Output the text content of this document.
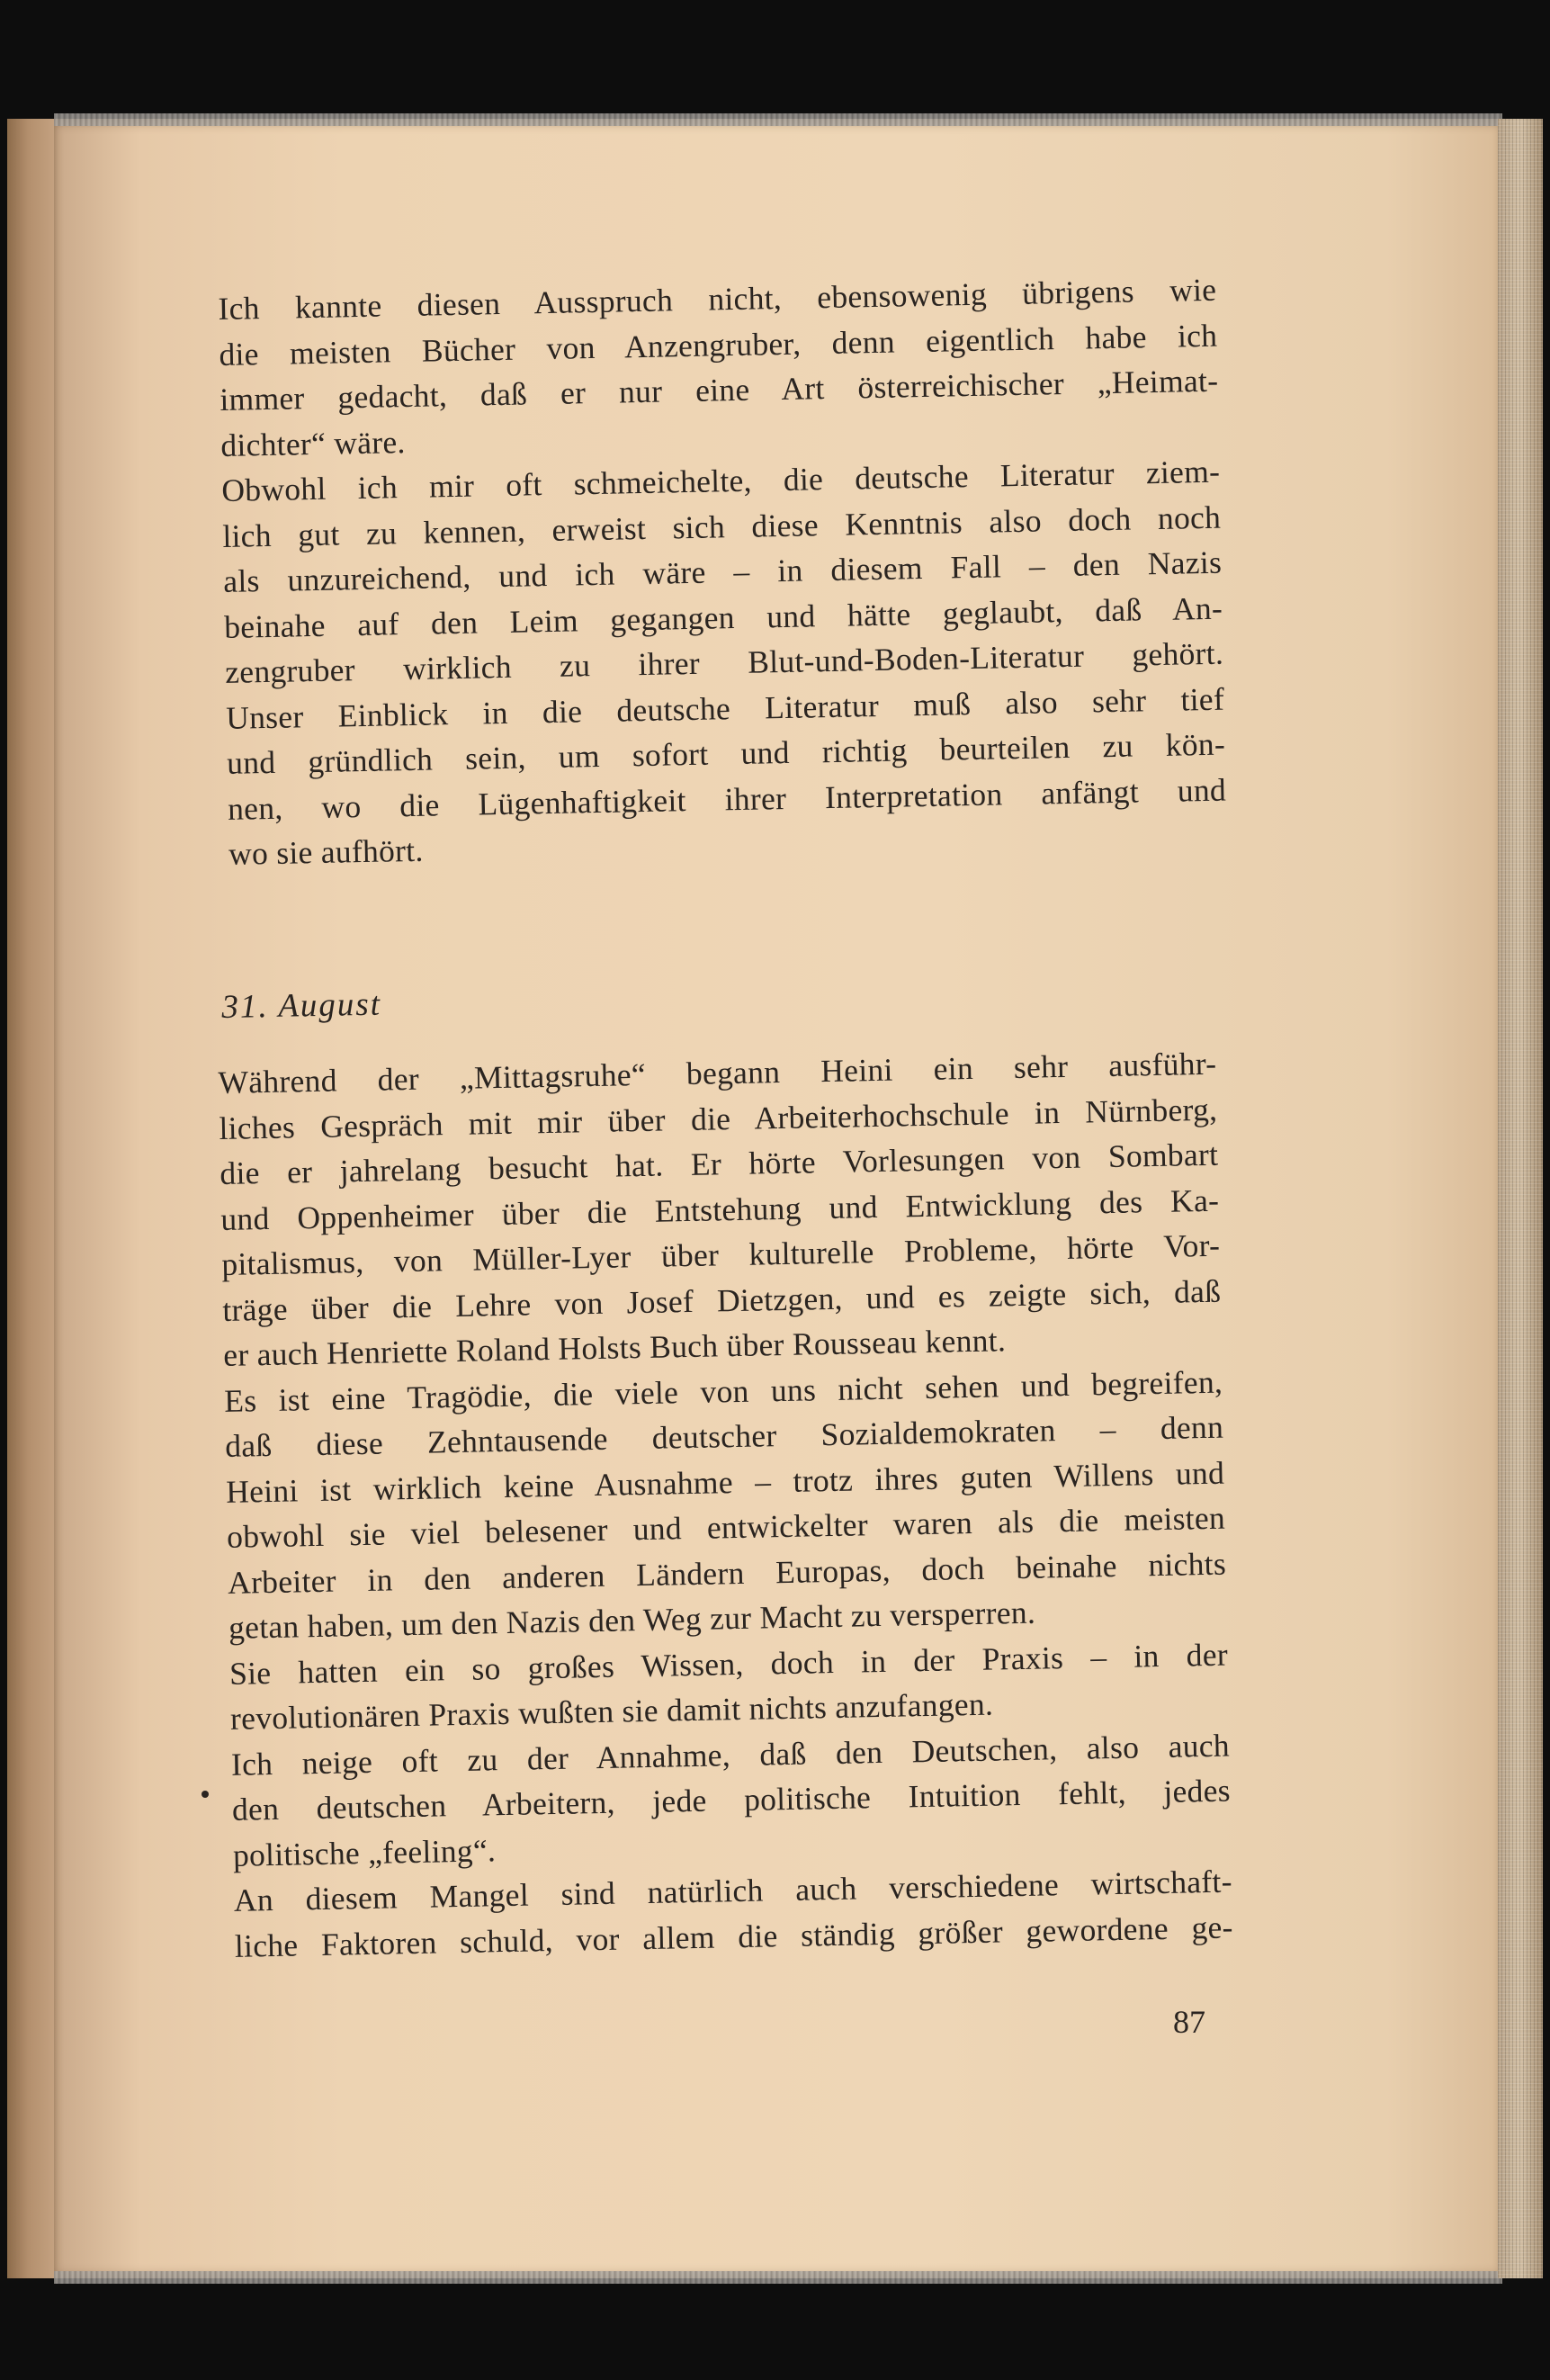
Ich kannte diesen Ausspruch nicht, ebensowenig übrigens wie
die meisten Bücher von Anzengruber, denn eigentlich habe ich
immer gedacht, daß er nur eine Art österreichischer „Heimat-
dichter“ wäre.
Obwohl ich mir oft schmeichelte, die deutsche Literatur ziem-
lich gut zu kennen, erweist sich diese Kenntnis also doch noch
als unzureichend, und ich wäre – in diesem Fall – den Nazis
beinahe auf den Leim gegangen und hätte geglaubt, daß An-
zengruber wirklich zu ihrer Blut-und-Boden-Literatur gehört.
Unser Einblick in die deutsche Literatur muß also sehr tief
und gründlich sein, um sofort und richtig beurteilen zu kön-
nen, wo die Lügenhaftigkeit ihrer Interpretation anfängt und
wo sie aufhört.
31. August
Während der „Mittagsruhe“ begann Heini ein sehr ausführ-
liches Gespräch mit mir über die Arbeiterhochschule in Nürnberg,
die er jahrelang besucht hat. Er hörte Vorlesungen von Sombart
und Oppenheimer über die Entstehung und Entwicklung des Ka-
pitalismus, von Müller-Lyer über kulturelle Probleme, hörte Vor-
träge über die Lehre von Josef Dietzgen, und es zeigte sich, daß
er auch Henriette Roland Holsts Buch über Rousseau kennt.
Es ist eine Tragödie, die viele von uns nicht sehen und begreifen,
daß diese Zehntausende deutscher Sozialdemokraten – denn
Heini ist wirklich keine Ausnahme – trotz ihres guten Willens und
obwohl sie viel belesener und entwickelter waren als die meisten
Arbeiter in den anderen Ländern Europas, doch beinahe nichts
getan haben, um den Nazis den Weg zur Macht zu versperren.
Sie hatten ein so großes Wissen, doch in der Praxis – in der
revolutionären Praxis wußten sie damit nichts anzufangen.
Ich neige oft zu der Annahme, daß den Deutschen, also auch
den deutschen Arbeitern, jede politische Intuition fehlt, jedes
politische „feeling“.
An diesem Mangel sind natürlich auch verschiedene wirtschaft-
liche Faktoren schuld, vor allem die ständig größer gewordene ge-
87
